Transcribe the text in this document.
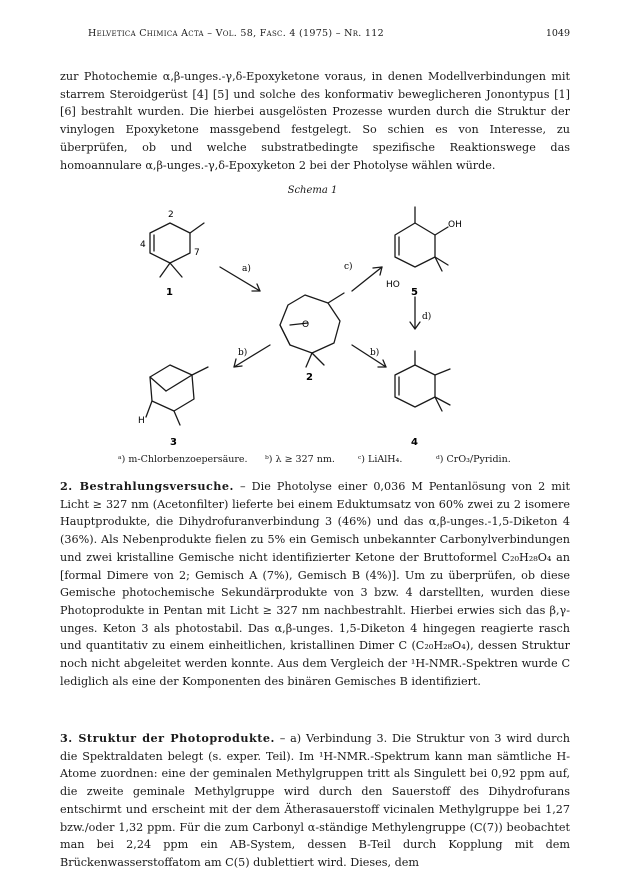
Helvetica Chimica Acta – Vol. 58, Fasc. 4 (1975) – Nr. 112	1049

zur Photochemie α,β-unges.-γ,δ-Epoxyketone voraus, in denen Modellverbindungen mit starrem Steroidgerüst [4] [5] und solche des konformativ beweglicheren Jonontypus [1] [6] bestrahlt wurden. Die hierbei ausgelösten Prozesse wurden durch die Struktur der vinylogen Epoxyketone massgebend festgelegt. So schien es von Interesse, zu überprüfen, ob und welche substratbedingte spezifische Reaktionswege das homoannulare α,β-unges.-γ,δ-Epoxyketon 2 bei der Photolyse wählen würde.

Schema 1
2
4
7
O
OH
HO
H
1
2
3	4
5
a)	c)
b)	b)
d)
ᵃ) m-Chlorbenzoepersäure. ᵇ) λ ≥ 327 nm. ᶜ) LiAlH₄.	ᵈ) CrO₃/Pyridin.

2. Bestrahlungsversuche. – Die Photolyse einer 0,036 M Pentanlösung von 2 mit Licht ≥ 327 nm (Acetonfilter) lieferte bei einem Eduktumsatz von 60% zwei zu 2 isomere Hauptprodukte, die Dihydrofuranverbindung 3 (46%) und das α,β-unges.-1,5-Diketon 4 (36%). Als Nebenprodukte fielen zu 5% ein Gemisch unbekannter Carbonylverbindungen und zwei kristalline Gemische nicht identifizierter Ketone der Bruttoformel C₂₀H₂₈O₄ an [formal Dimere von 2; Gemisch A (7%), Gemisch B (4%)]. Um zu überprüfen, ob diese Gemische photochemische Sekundärprodukte von 3 bzw. 4 darstellten, wurden diese Photoprodukte in Pentan mit Licht ≥ 327 nm nachbestrahlt. Hierbei erwies sich das β,γ-unges. Keton 3 als photostabil. Das α,β-unges. 1,5-Diketon 4 hingegen reagierte rasch und quantitativ zu einem einheitlichen, kristallinen Dimer C (C₂₀H₂₈O₄), dessen Struktur noch nicht abgeleitet werden konnte. Aus dem Vergleich der ¹H-NMR.-Spektren wurde C lediglich als eine der Komponenten des binären Gemisches B identifiziert.

3. Struktur der Photoprodukte. – a) Verbindung 3. Die Struktur von 3 wird durch die Spektraldaten belegt (s. exper. Teil). Im ¹H-NMR.-Spektrum kann man sämtliche H-Atome zuordnen: eine der geminalen Methylgruppen tritt als Singulett bei 0,92 ppm auf, die zweite geminale Methylgruppe wird durch den Sauerstoff des Dihydrofurans entschirmt und erscheint mit der dem Ätherasauerstoff vicinalen Methylgruppe bei 1,27 bzw./oder 1,32 ppm. Für die zum Carbonyl α-ständige Methylengruppe (C(7)) beobachtet man bei 2,24 ppm ein AB-System, dessen B-Teil durch Kopplung mit dem Brückenwasserstoffatom am C(5) dublettiert wird. Dieses, dem
